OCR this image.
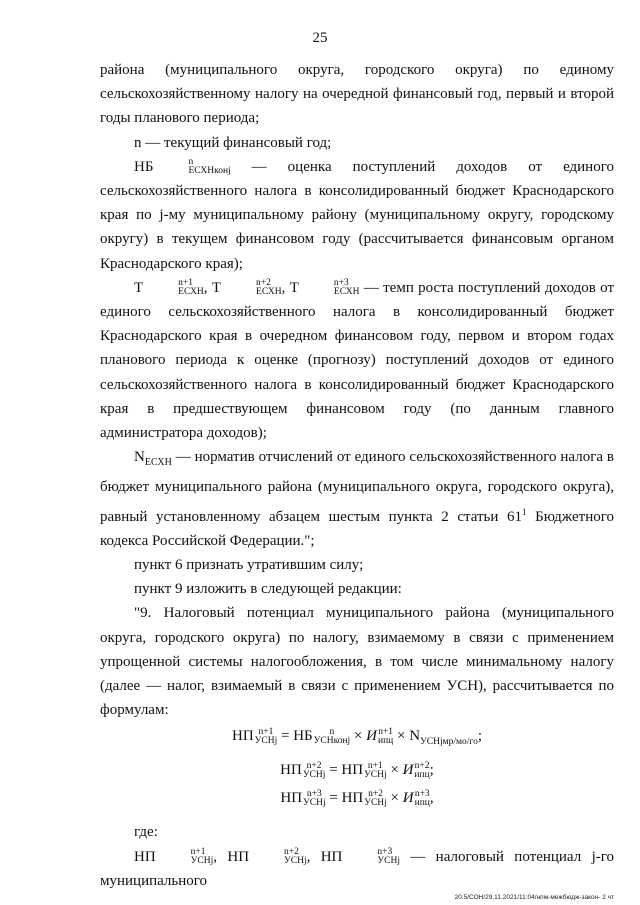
25

района (муниципального округа, городского округа) по единому сельскохозяйственному налогу на очередной финансовый год, первый и второй годы планового периода;

n — текущий финансовый год;

НБ	n
ЕСХНконj — оценка поступлений доходов от единого сельскохозяйственного налога в консолидированный бюджет Краснодарского края по j-му муниципальному району (муниципальному округу, городскому округу) в текущем финансовом году (рассчитывается финансовым органом Краснодарского края);

Т	n+1
ЕСХН , Т	n+2
ЕСХН , Т	n+3
ЕСХН — темп роста поступлений доходов от единого сельскохозяйственного налога в консолидированный бюджет Краснодарского края в очередном финансовом году, первом и втором годах планового периода к оценке (прогнозу) поступлений доходов от единого сельскохозяйственного налога в консолидированный бюджет Краснодарского края в предшествующем финансовом году (по данным главного администратора доходов);

$N_{ЕСХН}$ — норматив отчислений от единого сельскохозяйственного налога в бюджет муниципального района (муниципального округа, городского округа), равный установленному абзацем шестым пункта 2 статьи $61^1$ Бюджетного кодекса Российской Федерации.";

пункт 6 признать утратившим силу;

пункт 9 изложить в следующей редакции:

"9. Налоговый потенциал муниципального района (муниципального округа, городского округа) по налогу, взимаемому в связи с применением упрощенной системы налогообложения, в том числе минимальному налогу (далее — налог, взимаемый в связи с применением УСН), рассчитывается по формулам:

НП n+1
УСНj = НБ	n
УСНконj × И n+1
ипц × $N_{УСНjмр/мо/го}$;
НП n+2
УСНj = НП n+1
УСНj × И n+2
ипц ;
НП n+3
УСНj = НП n+2
УСНj × И n+3
ипц ,

где:

НП	n+1
УСНj , НП	n+2
УСНj , НП	n+3
УСНj — налоговый потенциал j-го муниципального

20.5/СОН/29.11.2021/11:04/нпм-межбюдж-закон- 2 чт
